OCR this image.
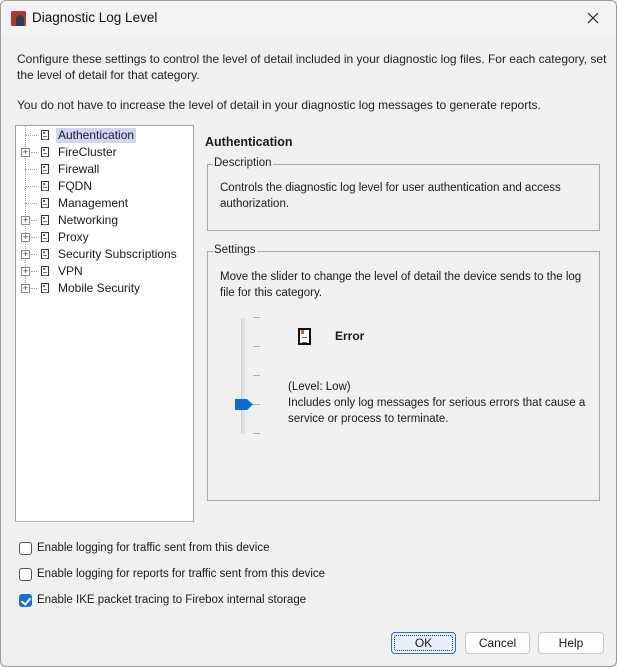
Diagnostic Log Level
Configure these settings to control the level of detail included in your diagnostic log files. For each category, set the level of detail for that category.
You do not have to increase the level of detail in your diagnostic log messages to generate reports.
Authentication
+ FireCluster
Firewall
FQDN
Management
+ Networking
+ Proxy
+ Security Subscriptions
+ VPN
+ Mobile Security
Authentication
Description
Controls the diagnostic log level for user authentication and access authorization.
Settings
Move the slider to change the level of detail the device sends to the log file for this category.
Error
(Level: Low)
Includes only log messages for serious errors that cause a service or process to terminate.
Enable logging for traffic sent from this device
Enable logging for reports for traffic sent from this device
Enable IKE packet tracing to Firebox internal storage
OK	Cancel	Help
